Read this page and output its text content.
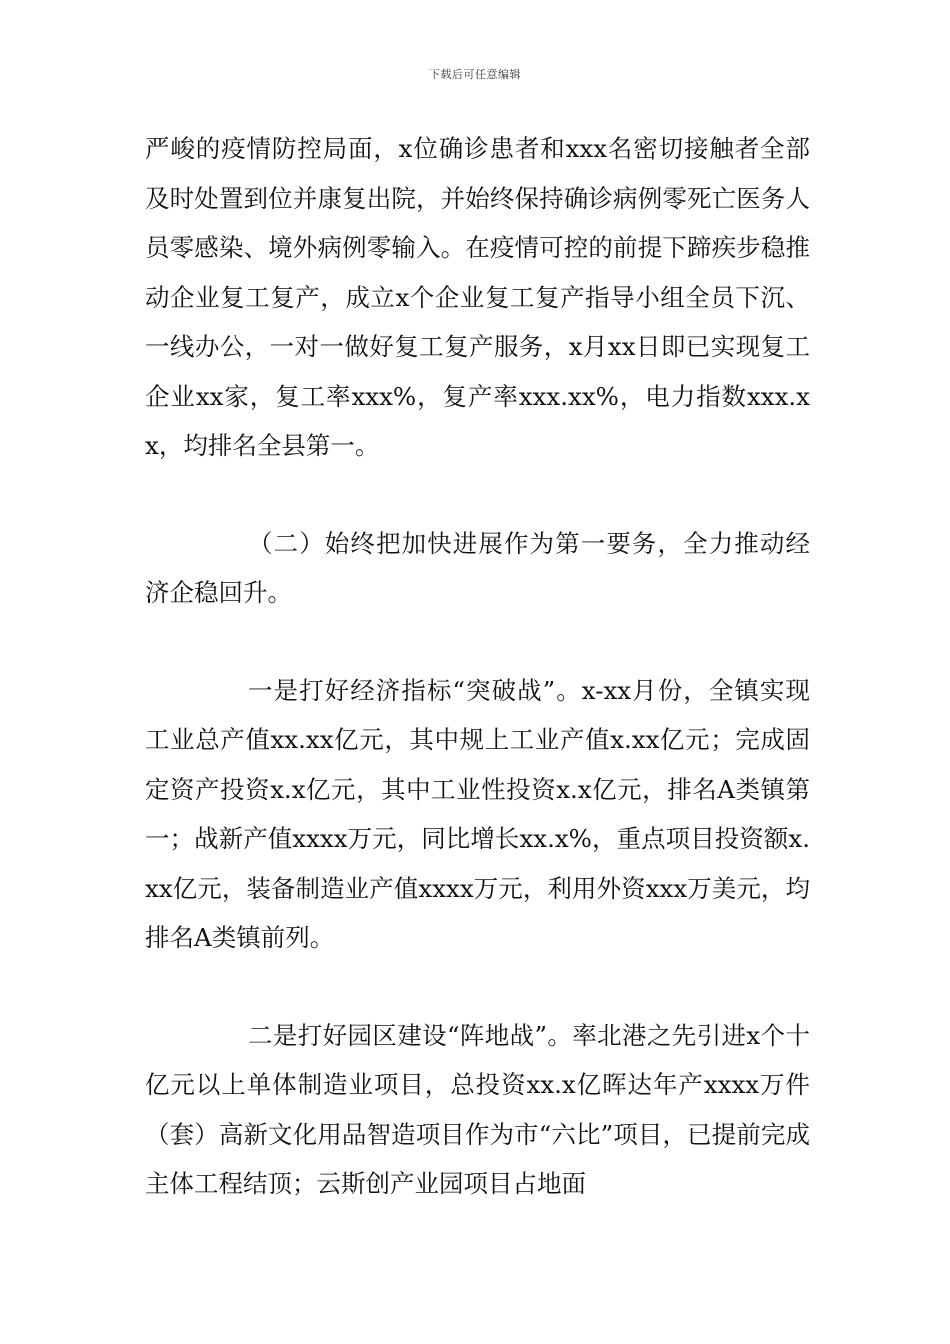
下载后可任意编辑

严峻的疫情防控局面，x位确诊患者和xxx名密切接触者全部及时处置到位并康复出院，并始终保持确诊病例零死亡医务人员零感染、境外病例零输入。在疫情可控的前提下蹄疾步稳推动企业复工复产，成立x个企业复工复产指导小组全员下沉、一线办公，一对一做好复工复产服务，x月xx日即已实现复工企业xx家，复工率xxx%，复产率xxx.xx%，电力指数xxx.xx，均排名全县第一。

（二）始终把加快进展作为第一要务，全力推动经济企稳回升。

一是打好经济指标“突破战”。x-xx月份，全镇实现工业总产值xx.xx亿元，其中规上工业产值x.xx亿元；完成固定资产投资x.x亿元，其中工业性投资x.x亿元，排名A类镇第一；战新产值xxxx万元，同比增长xx.x%，重点项目投资额x.xx亿元，装备制造业产值xxxx万元，利用外资xxx万美元，均排名A类镇前列。

二是打好园区建设“阵地战”。率北港之先引进x个十亿元以上单体制造业项目，总投资xx.x亿晖达年产xxxx万件（套）高新文化用品智造项目作为市“六比”项目，已提前完成主体工程结顶；云斯创产业园项目占地面
